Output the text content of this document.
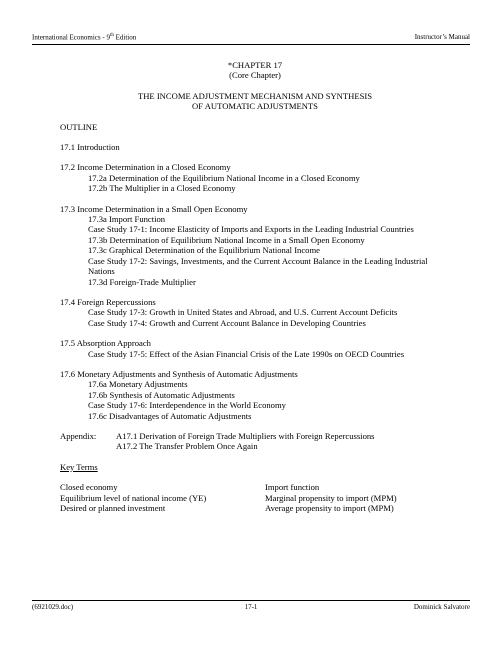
International Economics - 9th Edition	Instructor’s Manual
*CHAPTER 17
(Core Chapter)
THE INCOME ADJUSTMENT MECHANISM AND SYNTHESIS
OF AUTOMATIC ADJUSTMENTS
OUTLINE
17.1 Introduction
17.2 Income Determination in a Closed Economy
17.2a Determination of the Equilibrium National Income in a Closed Economy
17.2b The Multiplier in a Closed Economy
17.3 Income Determination in a Small Open Economy
17.3a Import Function
Case Study 17-1: Income Elasticity of Imports and Exports in the Leading Industrial Countries
17.3b Determination of Equilibrium National Income in a Small Open Economy
17.3c Graphical Determination of the Equilibrium National Income
Case Study 17-2: Savings, Investments, and the Current Account Balance in the Leading Industrial Nations
17.3d Foreign-Trade Multiplier
17.4 Foreign Repercussions
Case Study 17-3: Growth in United States and Abroad, and U.S. Current Account Deficits
Case Study 17-4: Growth and Current Account Balance in Developing Countries
17.5 Absorption Approach
Case Study 17-5: Effect of the Asian Financial Crisis of the Late 1990s on OECD Countries
17.6 Monetary Adjustments and Synthesis of Automatic Adjustments
17.6a Monetary Adjustments
17.6b Synthesis of Automatic Adjustments
Case Study 17-6: Interdependence in the World Economy
17.6c Disadvantages of Automatic Adjustments
Appendix:	A17.1 Derivation of Foreign Trade Multipliers with Foreign Repercussions
A17.2 The Transfer Problem Once Again
Key Terms
Closed economy	Import function
Equilibrium level of national income (YE)	Marginal propensity to import (MPM)
Desired or planned investment	Average propensity to import (MPM)
(6921029.doc)	17-1	Dominick Salvatore
